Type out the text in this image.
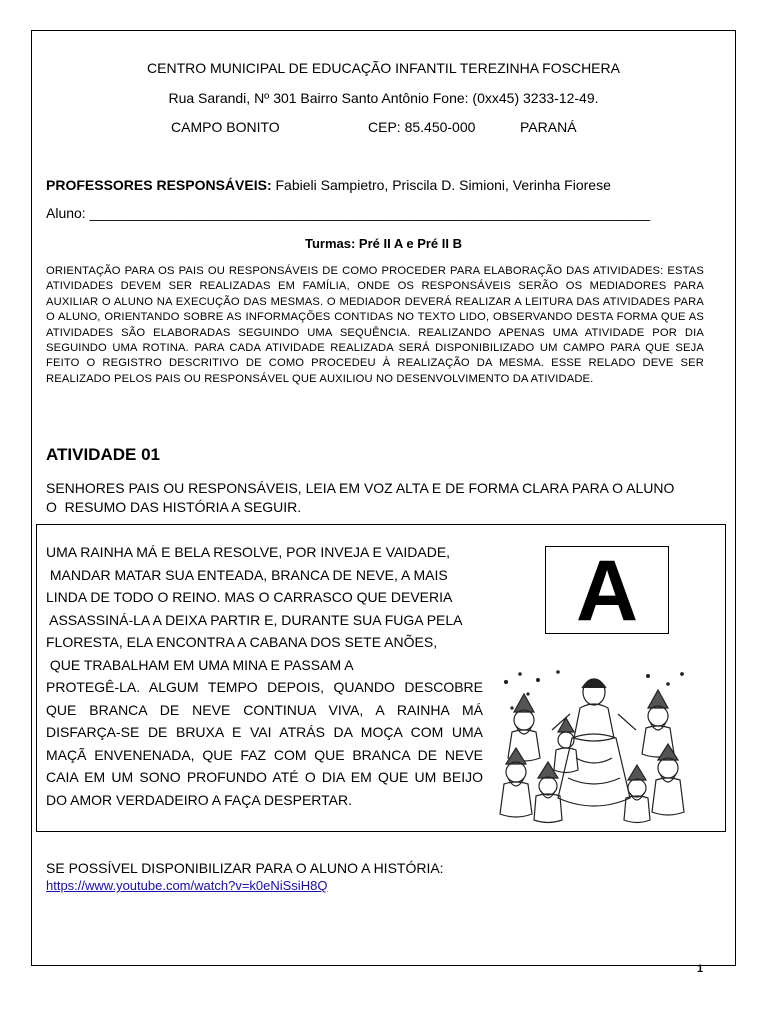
CENTRO MUNICIPAL DE EDUCAÇÃO INFANTIL TEREZINHA FOSCHERA
Rua Sarandi, Nº 301 Bairro Santo Antônio Fone: (0xx45) 3233-12-49.
CAMPO BONITO	CEP: 85.450-000	PARANÁ
PROFESSORES RESPONSÁVEIS: Fabieli Sampietro, Priscila D. Simioni, Verinha Fiorese
Aluno: ________________________________________________________________________
Turmas: Pré II A e Pré II B
ORIENTAÇÃO PARA OS PAIS OU RESPONSÁVEIS DE COMO PROCEDER PARA ELABORAÇÃO DAS ATIVIDADES: ESTAS ATIVIDADES DEVEM SER REALIZADAS EM FAMÍLIA, ONDE OS RESPONSÁVEIS SERÃO OS MEDIADORES PARA AUXILIAR O ALUNO NA EXECUÇÃO DAS MESMAS. O MEDIADOR DEVERÁ REALIZAR A LEITURA DAS ATIVIDADES PARA O ALUNO, ORIENTANDO SOBRE AS INFORMAÇÕES CONTIDAS NO TEXTO LIDO, OBSERVANDO DESTA FORMA QUE AS ATIVIDADES SÃO ELABORADAS SEGUINDO UMA SEQUÊNCIA. REALIZANDO APENAS UMA ATIVIDADE POR DIA SEGUINDO UMA ROTINA. PARA CADA ATIVIDADE REALIZADA SERÁ DISPONIBILIZADO UM CAMPO PARA QUE SEJA FEITO O REGISTRO DESCRITIVO DE COMO PROCEDEU À REALIZAÇÃO DA MESMA. ESSE RELADO DEVE SER REALIZADO PELOS PAIS OU RESPONSÁVEL QUE AUXILIOU NO DESENVOLVIMENTO DA ATIVIDADE.
ATIVIDADE 01
SENHORES PAIS OU RESPONSÁVEIS, LEIA EM VOZ ALTA E DE FORMA CLARA PARA O ALUNO
O  RESUMO DAS HISTÓRIA A SEGUIR.
UMA RAINHA MÁ E BELA RESOLVE, POR INVEJA E VAIDADE,
MANDAR MATAR SUA ENTEADA, BRANCA DE NEVE, A MAIS
LINDA DE TODO O REINO. MAS O CARRASCO QUE DEVERIA
ASSASSINÁ-LA A DEIXA PARTIR E, DURANTE SUA FUGA PELA
FLORESTA, ELA ENCONTRA A CABANA DOS SETE ANÕES,
QUE TRABALHAM EM UMA MINA E PASSAM A
PROTEGÊ-LA. ALGUM TEMPO DEPOIS, QUANDO DESCOBRE
QUE BRANCA DE NEVE CONTINUA VIVA, A RAINHA MÁ
DISFARÇA-SE DE BRUXA E VAI ATRÁS DA MOÇA COM UMA
MAÇÃ ENVENENADA, QUE FAZ COM QUE BRANCA DE NEVE
CAIA EM UM SONO PROFUNDO ATÉ O DIA EM QUE UM BEIJO
DO AMOR VERDADEIRO A FAÇA DESPERTAR.
A
SE POSSÍVEL DISPONIBILIZAR PARA O ALUNO A HISTÓRIA:
https://www.youtube.com/watch?v=k0eNiSsiH8Q
1
